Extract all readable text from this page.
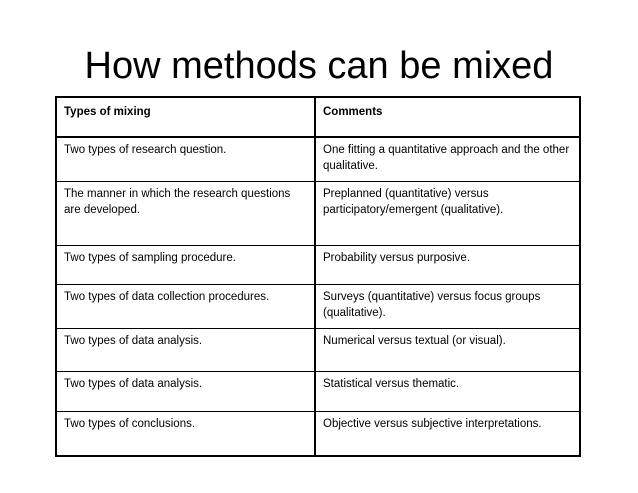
How methods can be mixed
Types of mixing	Comments
Two types of research question.	One fitting a quantitative approach and the other qualitative.
The manner in which the research questions are developed.	Preplanned (quantitative) versus participatory/emergent (qualitative).
Two types of sampling procedure.	Probability versus purposive.
Two types of data collection procedures.	Surveys (quantitative) versus focus groups (qualitative).
Two types of data analysis.	Numerical versus textual (or visual).
Two types of data analysis.	Statistical versus thematic.
Two types of conclusions.	Objective versus subjective interpretations.
